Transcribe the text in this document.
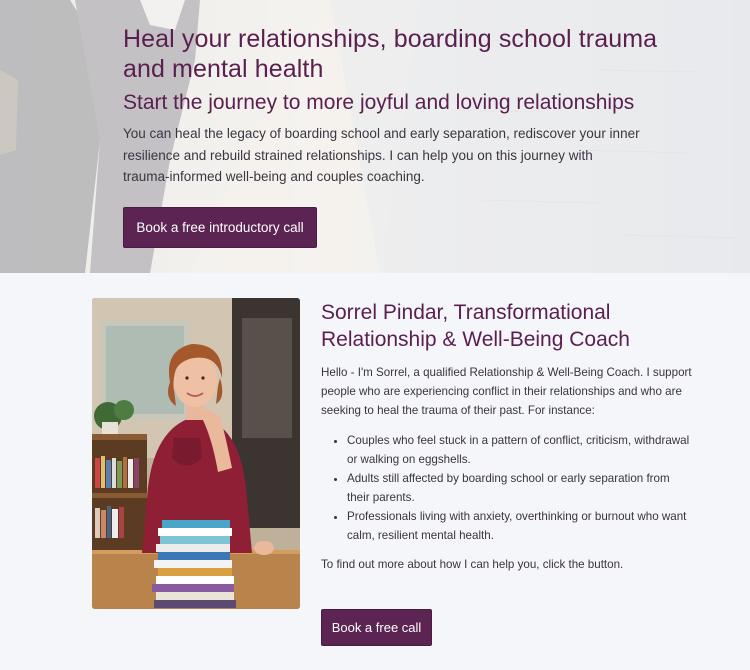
Heal your relationships, boarding school trauma and mental health
Start the journey to more joyful and loving relationships

You can heal the legacy of boarding school and early separation, rediscover your inner resilience and rebuild strained relationships. I can help you on this journey with trauma-informed well-being and couples coaching.

Book a free introductory call
Sorrel Pindar, Transformational Relationship & Well-Being Coach

Hello - I'm Sorrel, a qualified Relationship & Well-Being Coach. I support people who are experiencing conflict in their relationships and who are seeking to heal the trauma of their past. For instance:

• Couples who feel stuck in a pattern of conflict, criticism, withdrawal or walking on eggshells.
• Adults still affected by boarding school or early separation from their parents.
• Professionals living with anxiety, overthinking or burnout who want calm, resilient mental health.

To find out more about how I can help you, click the button.

Book a free call
